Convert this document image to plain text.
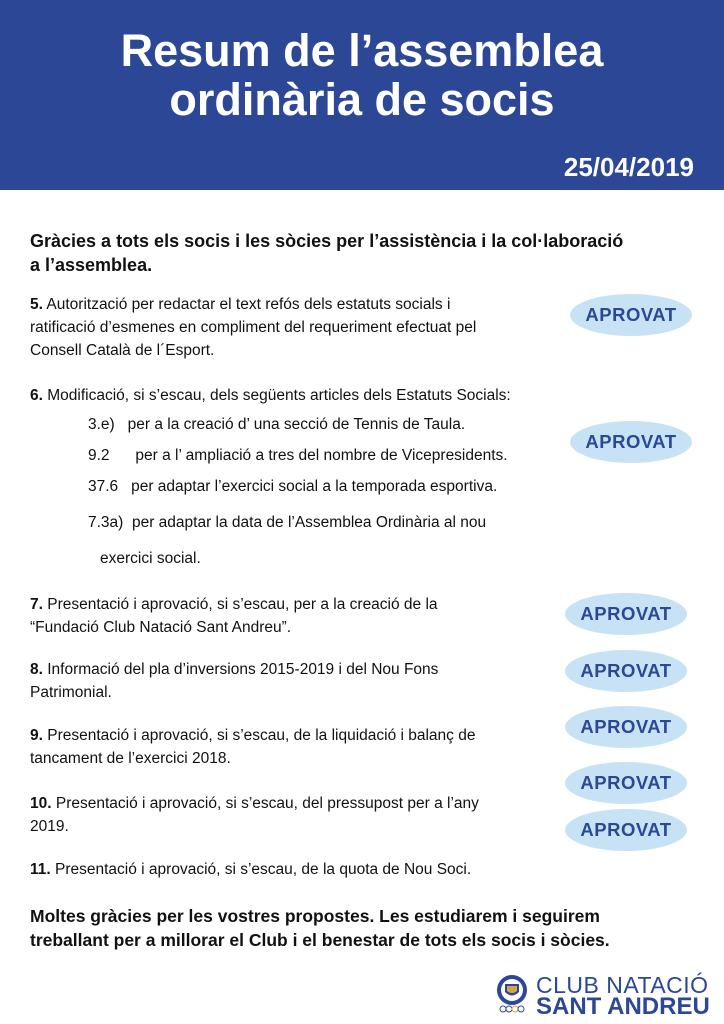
Resum de l’assemblea
ordinària de socis
25/04/2019

Gràcies a tots els socis i les sòcies per l’assistència i la col·laboració a l’assemblea.

5. Autorització per redactar el text refós dels estatuts socials i
ratificació d’esmenes en compliment del requeriment efectuat pel
Consell Català de l´Esport.

APROVAT

6. Modificació, si s’escau, dels següents articles dels Estatuts Socials:

3.e) per a la creació d’ una secció de Tennis de Taula.

9.2 per a l’ ampliació a tres del nombre de Vicepresidents.

37.6 per adaptar l’exercici social a la temporada esportiva.

7.3a) per adaptar la data de l’Assemblea Ordinària al nou

exercici social.

APROVAT

7. Presentació i aprovació, si s’escau, per a la creació de la
“Fundació Club Natació Sant Andreu”.

APROVAT

8. Informació del pla d’inversions 2015-2019 i del Nou Fons
Patrimonial.

APROVAT

9. Presentació i aprovació, si s’escau, de la liquidació i balanç de
tancament de l’exercici 2018.

APROVAT

10. Presentació i aprovació, si s’escau, del pressupost per a l’any
2019.

APROVAT

11. Presentació i aprovació, si s’escau, de la quota de Nou Soci.

APROVAT

Moltes gràcies per les vostres propostes. Les estudiarem i seguirem
treballant per a millorar el Club i el benestar de tots els socis i sòcies.

CLUB NATACIÓ
SANT ANDREU
